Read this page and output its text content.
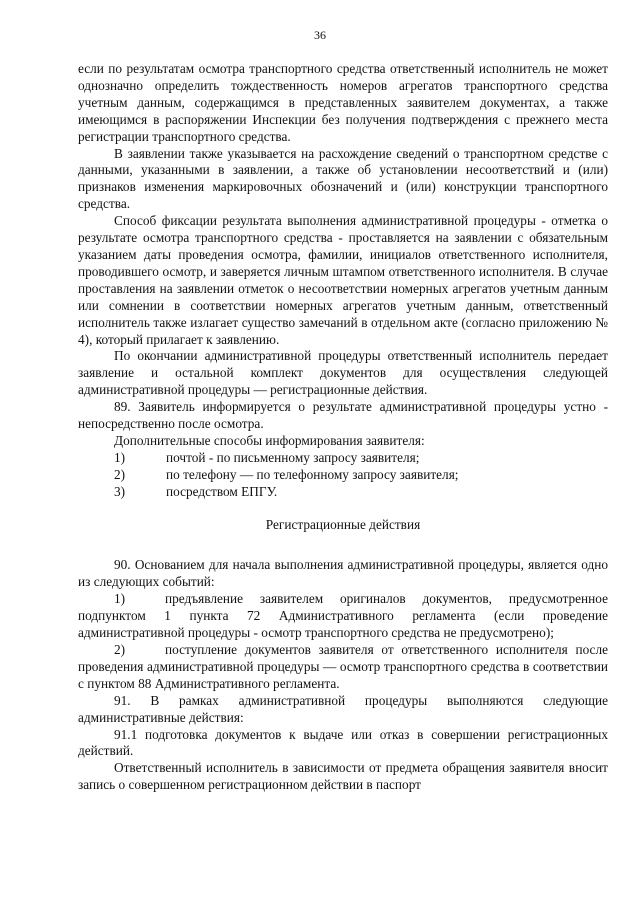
36

если по результатам осмотра транспортного средства ответственный исполнитель не может однозначно определить тождественность номеров агрегатов транспортного средства учетным данным, содержащимся в представленных заявителем документах, а также имеющимся в распоряжении Инспекции без получения подтверждения с прежнего места регистрации транспортного средства.

В заявлении также указывается на расхождение сведений о транспортном средстве с данными, указанными в заявлении, а также об установлении несоответствий и (или) признаков изменения маркировочных обозначений и (или) конструкции транспортного средства.

Способ фиксации результата выполнения административной процедуры - отметка о результате осмотра транспортного средства - проставляется на заявлении с обязательным указанием даты проведения осмотра, фамилии, инициалов ответственного исполнителя, проводившего осмотр, и заверяется личным штампом ответственного исполнителя. В случае проставления на заявлении отметок о несоответствии номерных агрегатов учетным данным или сомнении в соответствии номерных агрегатов учетным данным, ответственный исполнитель также излагает существо замечаний в отдельном акте (согласно приложению № 4), который прилагает к заявлению.

По окончании административной процедуры ответственный исполнитель передает заявление и остальной комплект документов для осуществления следующей административной процедуры — регистрационные действия.

89. Заявитель информируется о результате административной процедуры устно - непосредственно после осмотра.

Дополнительные способы информирования заявителя:

1)	почтой - по письменному запросу заявителя;

2)	по телефону — по телефонному запросу заявителя;

3)	посредством ЕПГУ.

Регистрационные действия

90. Основанием для начала выполнения административной процедуры, является одно из следующих событий:

1)   	предъявление заявителем оригиналов документов, предусмотренное подпунктом 1 пункта 72 Административного регламента (если проведение административной процедуры - осмотр транспортного средства не предусмотрено);

2)   	поступление документов заявителя от ответственного исполнителя после проведения административной процедуры — осмотр транспортного средства в соответствии с пунктом 88 Административного регламента.

91. В рамках административной процедуры выполняются следующие административные действия:

91.1 подготовка документов к выдаче или отказ в совершении регистрационных действий.

Ответственный исполнитель в зависимости от предмета обращения заявителя вносит запись о совершенном регистрационном действии в паспорт
